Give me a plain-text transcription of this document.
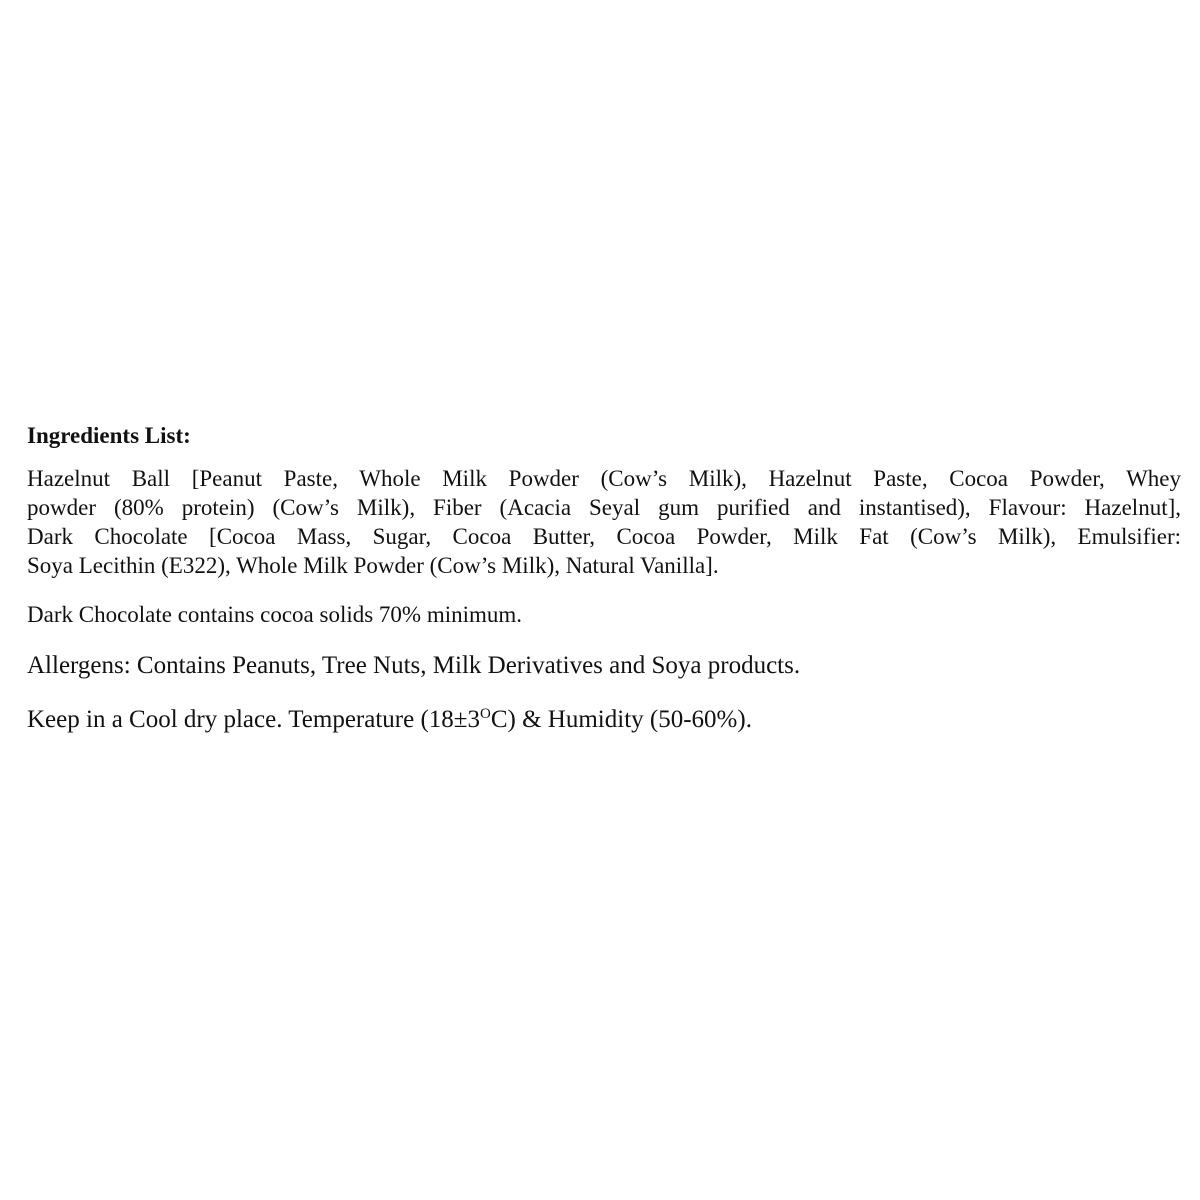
Ingredients List:

Hazelnut Ball [Peanut Paste, Whole Milk Powder (Cow’s Milk), Hazelnut Paste, Cocoa Powder, Whey
powder (80% protein) (Cow’s Milk), Fiber (Acacia Seyal gum purified and instantised), Flavour: Hazelnut],
Dark Chocolate [Cocoa Mass, Sugar, Cocoa Butter, Cocoa Powder, Milk Fat (Cow’s Milk), Emulsifier:
Soya Lecithin (E322), Whole Milk Powder (Cow’s Milk), Natural Vanilla].

Dark Chocolate contains cocoa solids 70% minimum.

Allergens: Contains Peanuts, Tree Nuts, Milk Derivatives and Soya products.

Keep in a Cool dry place. Temperature $(18\pm 3^OC)$ & Humidity (50-60%).
